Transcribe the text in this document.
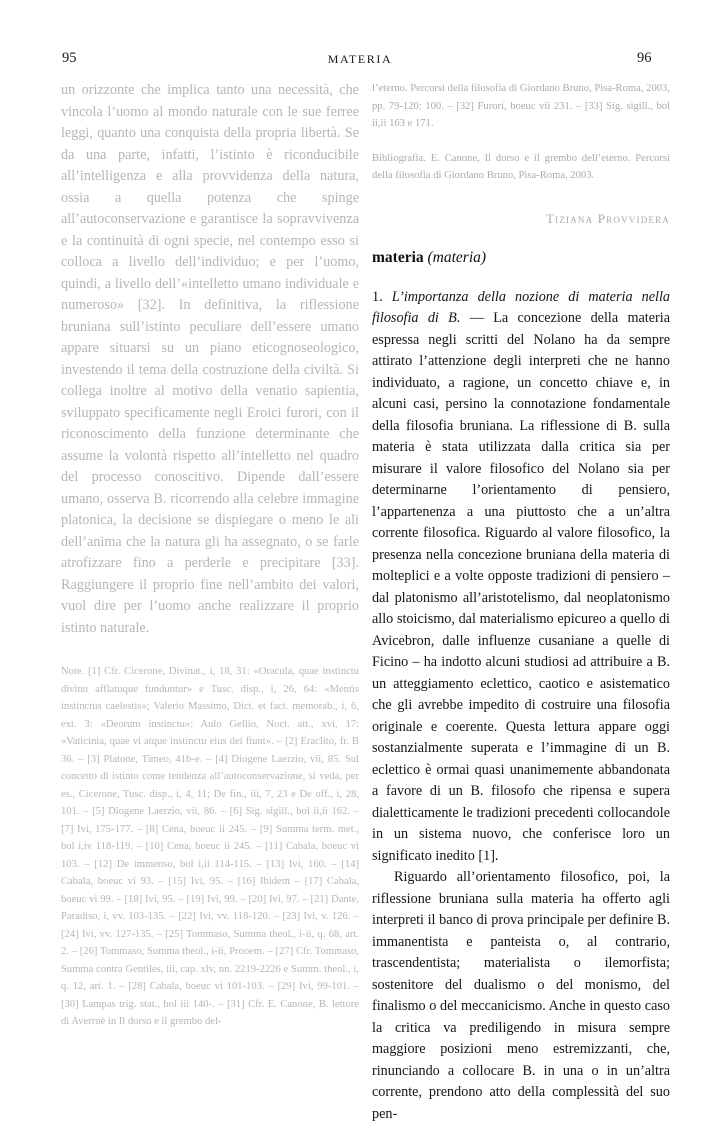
95	MATERIA	96

un orizzonte che implica tanto una necessità, che vincola l’uomo al mondo naturale con le sue ferree leggi, quanto una conquista della propria libertà. Se da una parte, infatti, l’istinto è riconducibile all’intelligenza e alla provvidenza della natura, ossia a quella potenza che spinge all’autoconservazione e garantisce la sopravvivenza e la continuità di ogni specie, nel contempo esso si colloca a livello dell’individuo; e per l’uomo, quindi, a livello dell’«intelletto umano individuale e numeroso» [32]. In definitiva, la riflessione bruniana sull’istinto peculiare dell’essere umano appare situarsi su un piano eticognoseologico, investendo il tema della costruzione della civiltà. Si collega inoltre al motivo della venatio sapientia, sviluppato specificamente negli Eroici furori, con il riconoscimento della funzione determinante che assume la volontà rispetto all’intelletto nel quadro del processo conoscitivo. Dipende dall’essere umano, osserva B. ricorrendo alla celebre immagine platonica, la decisione se dispiegare o meno le ali dell’anima che la natura gli ha assegnato, o se farle atrofizzare fino a perderle e precipitare [33]. Raggiungere il proprio fine nell’ambito dei valori, vuol dire per l’uomo anche realizzare il proprio istinto naturale.

Note. [1] Cfr. Cicerone, Divinat., i, 18, 31: «Oracula, quae instinctu divinu afflatuque funduntur» e Tusc. disp., i, 26, 64: «Mentis instinctus caelestis»; Valerio Massimo, Dict. et fact. memorab., i, 6, ext. 3: «Deorum instinctu»; Aulo Gellio, Noct. att., xvi, 17: «Vaticinia, quae vi atque instinctu eius dei fiunt». – [2] Eraclito, fr. B 36. – [3] Platone, Timeo, 41b-e. – [4] Diogene Laerzio, vii, 85. Sul concetto di istinto come tendenza all’autoconservazione, si veda, per es., Cicerone, Tusc. disp., i, 4, 11; De fin., iii, 7, 23 e De off., i, 28, 101. – [5] Diogene Laerzio, vii, 86. – [6] Sig. sigill., bol ii,ii 162. – [7] Ivi, 175-177. – [8] Cena, boeuc ii 245. – [9] Summa term. met., bol i,iv 118-119. – [10] Cena, boeuc ii 245. – [11] Cabala, boeuc vi 103. – [12] De immenso, bol i,ii 114-115. – [13] Ivi, 160. – [14] Cabala, boeuc vi 93. – [15] Ivi, 95. – [16] Ibidem – [17] Cabala, boeuc vi 99. – [18] Ivi, 95. – [19] Ivi, 99. – [20] Ivi, 97. – [21] Dante, Paradiso, i, vv. 103-135. – [22] Ivi, vv. 118-120. – [23] Ivi, v. 126. – [24] Ivi, vv. 127-135. – [25] Tommaso, Summa theol., i-ii, q. 68, art. 2. – [26] Tommaso, Summa theol., i-ii, Prooem. – [27] Cfr. Tommaso, Summa contra Gentiles, iii, cap. xlv, nn. 2219-2226 e Summ. theol., i, q. 12, art. 1. – [28] Cabala, boeuc vi 101-103. – [29] Ivi, 99-101. – [30] Lampas trig. stat., bol iii 140-. – [31] Cfr. E. Canone, B. lettore di Averroè in Il dorso e il grembo del-

l’eterno. Percorsi della filosofia di Giordano Bruno, Pisa-Roma, 2003, pp. 79-120: 100. – [32] Furori, boeuc vii 231. – [33] Sig. sigill., bol ii,ii 163 e 171.

Bibliografia. E. Canone, Il dorso e il grembo dell’eterno. Percorsi della filosofia di Giordano Bruno, Pisa-Roma, 2003.

Tiziana Provvidera

materia (materia)

1. L’importanza della nozione di materia nella filosofia di B. — La concezione della materia espressa negli scritti del Nolano ha da sempre attirato l’attenzione degli interpreti che ne hanno individuato, a ragione, un concetto chiave e, in alcuni casi, persino la connotazione fondamentale della filosofia bruniana. La riflessione di B. sulla materia è stata utilizzata dalla critica sia per misurare il valore filosofico del Nolano sia per determinarne l’orientamento di pensiero, l’appartenenza a una piuttosto che a un’altra corrente filosofica. Riguardo al valore filosofico, la presenza nella concezione bruniana della materia di molteplici e a volte opposte tradizioni di pensiero – dal platonismo all’aristotelismo, dal neoplatonismo allo stoicismo, dal materialismo epicureo a quello di Avicebron, dalle influenze cusaniane a quelle di Ficino – ha indotto alcuni studiosi ad attribuire a B. un atteggiamento eclettico, caotico e asistematico che gli avrebbe impedito di costruire una filosofia originale e coerente. Questa lettura appare oggi sostanzialmente superata e l’immagine di un B. eclettico è ormai quasi unanimemente abbandonata a favore di un B. filosofo che ripensa e supera dialetticamente le tradizioni precedenti collocandole in un sistema nuovo, che conferisce loro un significato inedito [1].

Riguardo all’orientamento filosofico, poi, la riflessione bruniana sulla materia ha offerto agli interpreti il banco di prova principale per definire B. immanentista e panteista o, al contrario, trascendentista; materialista o ilemorfista; sostenitore del dualismo o del monismo, del finalismo o del meccanicismo. Anche in questo caso la critica va prediligendo in misura sempre maggiore posizioni meno estremizzanti, che, rinunciando a collocare B. in una o in un’altra corrente, prendono atto della complessità del suo pen-
